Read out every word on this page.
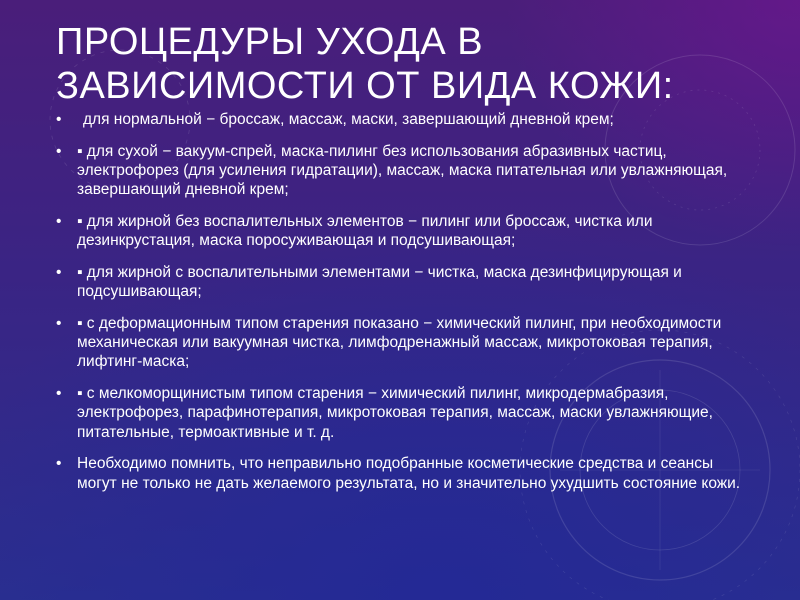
ПРОЦЕДУРЫ УХОДА В ЗАВИСИМОСТИ ОТ ВИДА КОЖИ:
• для нормальной − броссаж, массаж, маски, завершающий дневной крем;
• ▪ для сухой − вакуум-спрей, маска-пилинг без использования абразивных частиц, электрофорез (для усиления гидратации), массаж, маска питательная или увлажняющая, завершающий дневной крем;
• ▪ для жирной без воспалительных элементов − пилинг или броссаж, чистка или дезинкрустация, маска поросуживающая и подсушивающая;
• ▪ для жирной с воспалительными элементами − чистка, маска дезинфицирующая и подсушивающая;
• ▪ с деформационным типом старения показано − химический пилинг, при необходимости механическая или вакуумная чистка, лимфодренажный массаж, микротоковая терапия, лифтинг-маска;
• ▪ с мелкоморщинистым типом старения − химический пилинг, микродермабразия, электрофорез, парафинотерапия, микротоковая терапия, массаж, маски увлажняющие, питательные, термоактивные и т. д.
• Необходимо помнить, что неправильно подобранные косметические средства и сеансы могут не только не дать желаемого результата, но и значительно ухудшить состояние кожи.
